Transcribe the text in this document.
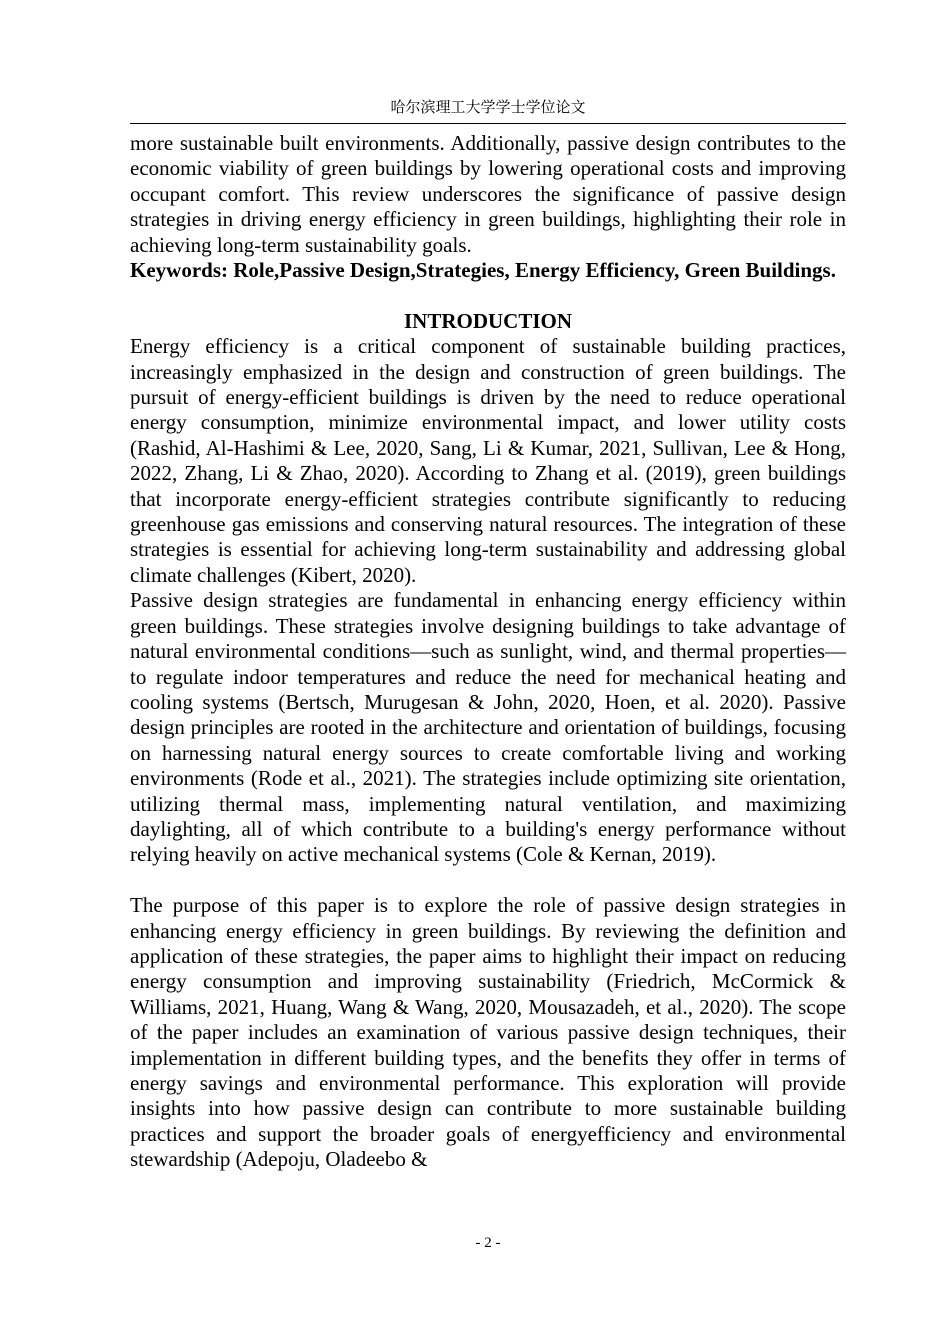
哈尔滨理工大学学士学位论文

more sustainable built environments. Additionally, passive design contributes to the economic viability of green buildings by lowering operational costs and improving occupant comfort. This review underscores the significance of passive design strategies in driving energy efficiency in green buildings, highlighting their role in achieving long-term sustainability goals.

Keywords: Role,Passive Design,Strategies, Energy Efficiency, Green Buildings.

INTRODUCTION

Energy efficiency is a critical component of sustainable building practices, increasingly emphasized in the design and construction of green buildings. The pursuit of energy-efficient buildings is driven by the need to reduce operational energy consumption, minimize environmental impact, and lower utility costs (Rashid, Al-Hashimi & Lee, 2020, Sang, Li & Kumar, 2021, Sullivan, Lee & Hong, 2022, Zhang, Li & Zhao, 2020). According to Zhang et al. (2019), green buildings that incorporate energy-efficient strategies contribute significantly to reducing greenhouse gas emissions and conserving natural resources. The integration of these strategies is essential for achieving long-term sustainability and addressing global climate challenges (Kibert, 2020).

Passive design strategies are fundamental in enhancing energy efficiency within green buildings. These strategies involve designing buildings to take advantage of natural environmental conditions—such as sunlight, wind, and thermal properties—to regulate indoor temperatures and reduce the need for mechanical heating and cooling systems (Bertsch, Murugesan & John, 2020, Hoen, et al. 2020). Passive design principles are rooted in the architecture and orientation of buildings, focusing on harnessing natural energy sources to create comfortable living and working environments (Rode et al., 2021). The strategies include optimizing site orientation, utilizing thermal mass, implementing natural ventilation, and maximizing daylighting, all of which contribute to a building's energy performance without relying heavily on active mechanical systems (Cole & Kernan, 2019).

The purpose of this paper is to explore the role of passive design strategies in enhancing energy efficiency in green buildings. By reviewing the definition and application of these strategies, the paper aims to highlight their impact on reducing energy consumption and improving sustainability (Friedrich, McCormick & Williams, 2021, Huang, Wang & Wang, 2020, Mousazadeh, et al., 2020). The scope of the paper includes an examination of various passive design techniques, their implementation in different building types, and the benefits they offer in terms of energy savings and environmental performance. This exploration will provide insights into how passive design can contribute to more sustainable building practices and support the broader goals of energyefficiency and environmental stewardship (Adepoju, Oladeebo &

- 2 -
